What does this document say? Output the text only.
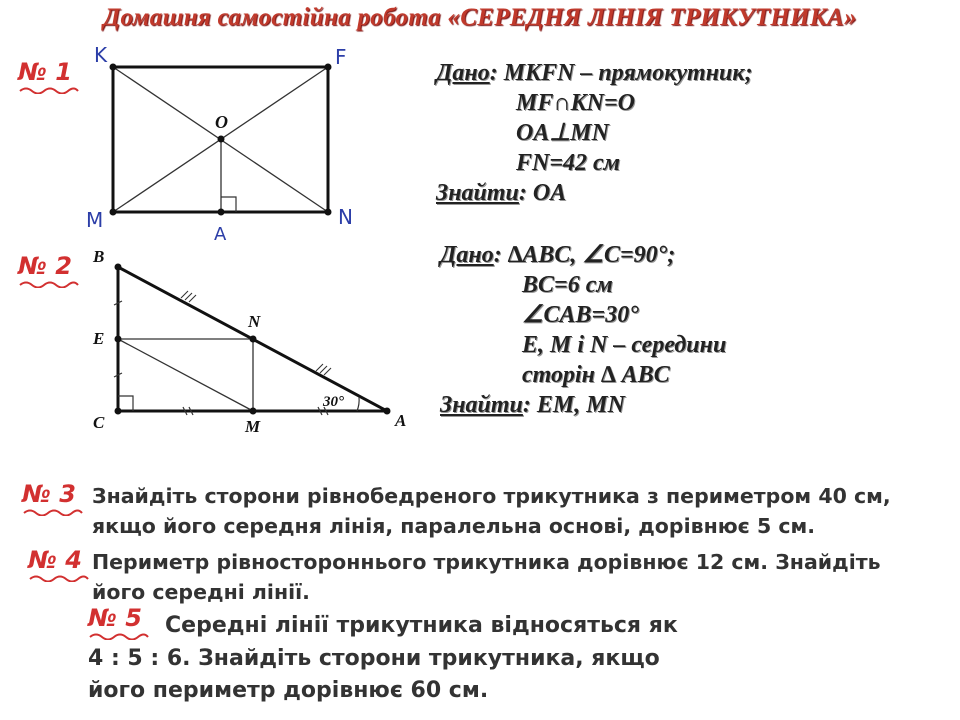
Домашня самостійна робота «СЕРЕДНЯ ЛІНІЯ ТРИКУТНИКА»
№ 1
K	F
M	N
A
O
Дано: MKFN – прямокутник;
MF∩KN=O
OA⊥MN
FN=42 см
Знайти: OA
№ 2	B
E
C	M
N
A
30°
Дано: ∆ABC, ∠C=90°;
BC=6 см
∠CAB=30°
E, M і N – середини
сторін ∆ ABC
Знайти: EM, MN
№ 3 Знайдіть сторони рівнобедреного трикутника з периметром 40 см,
якщо його середня лінія, паралельна основі, дорівнює 5 см.
№ 4 Периметр рівностороннього трикутника дорівнює 12 см. Знайдіть
його середні лінії.
№ 5	Середні лінії трикутника відносяться як
4 : 5 : 6. Знайдіть сторони трикутника, якщо
його периметр дорівнює 60 см.
